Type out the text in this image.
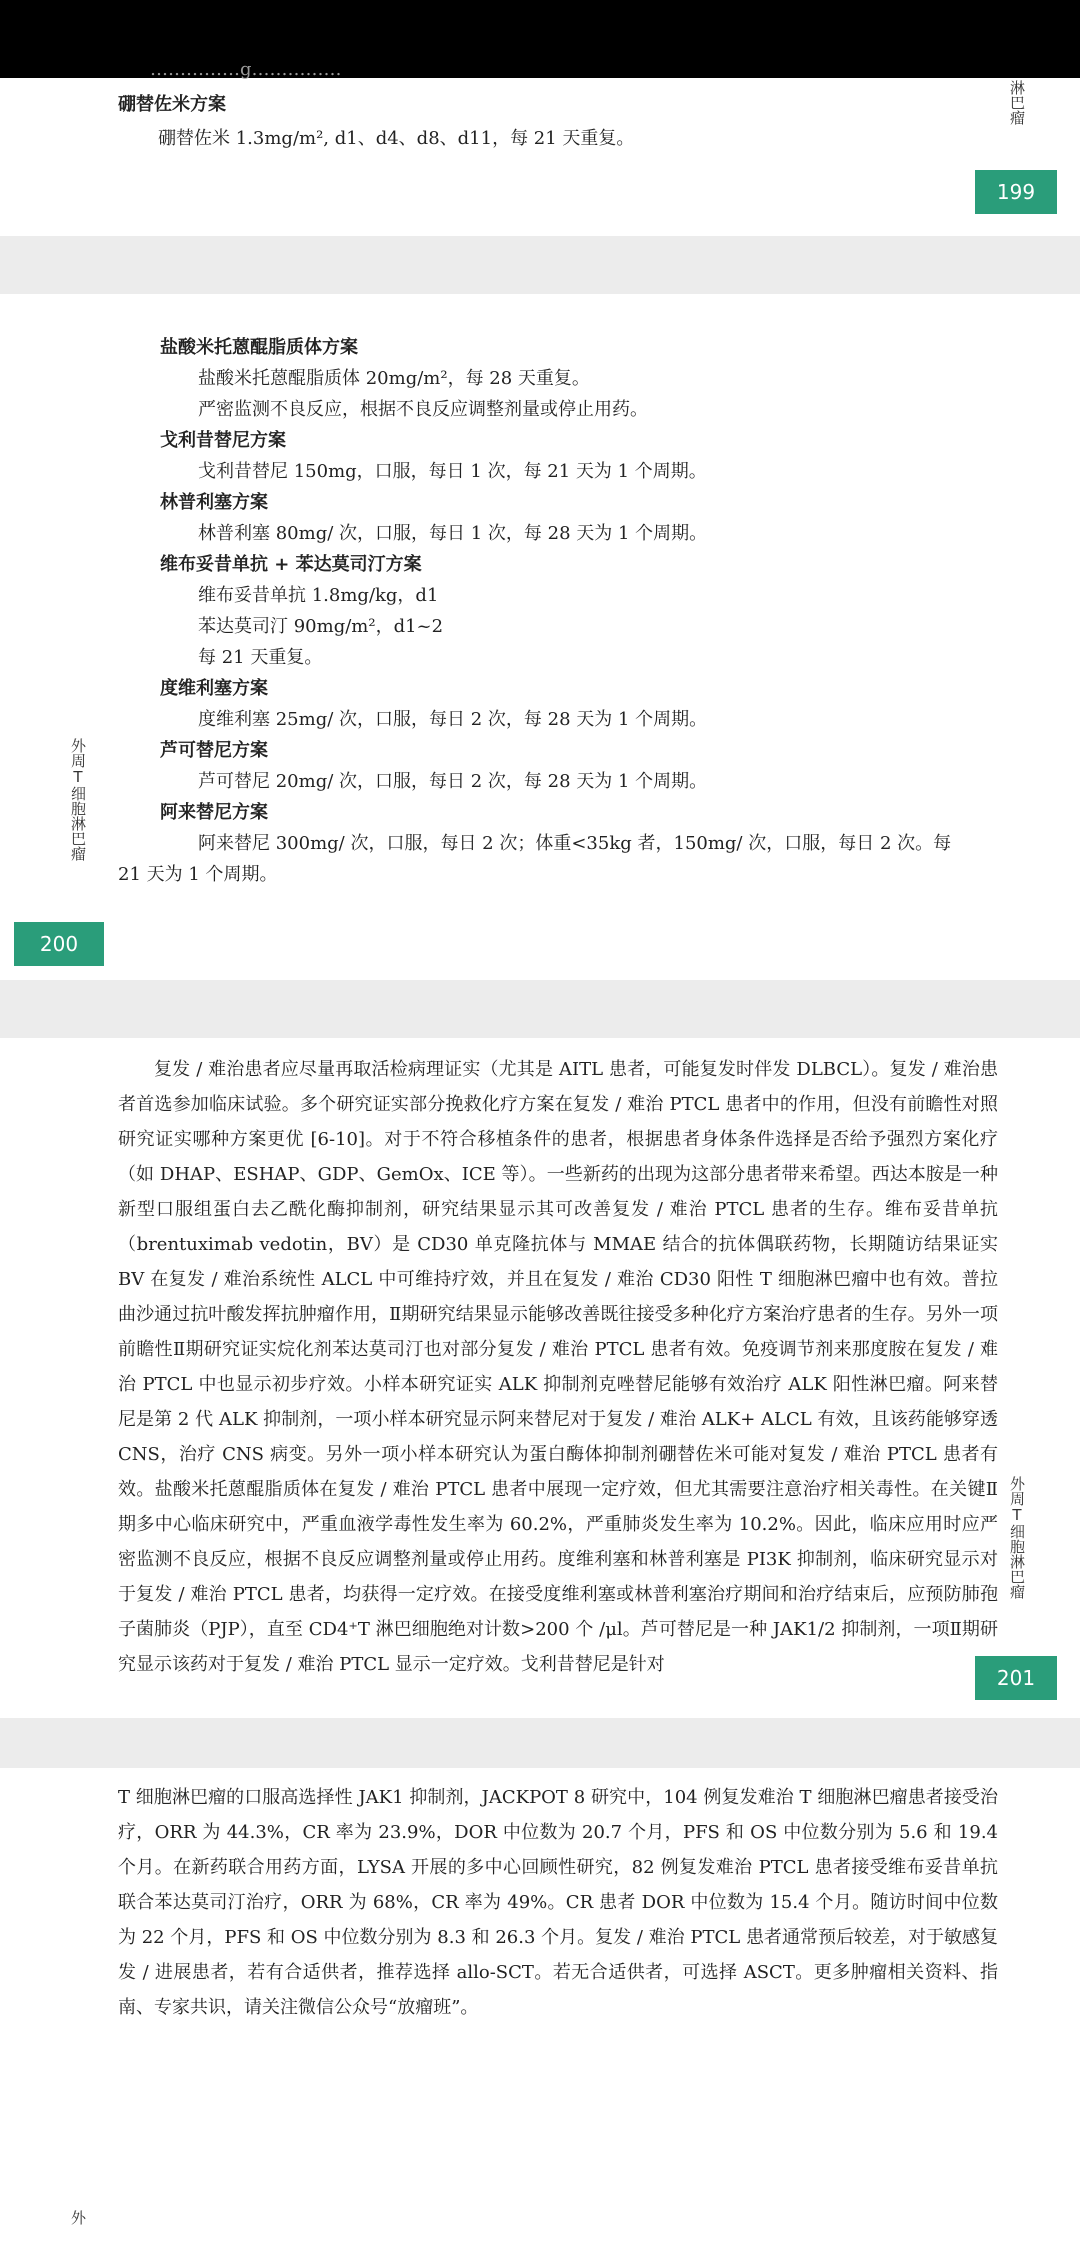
……………g……………
硼替佐米方案
硼替佐米 1.3mg/m², d1、d4、d8、d11，每 21 天重复。
淋巴瘤
199
盐酸米托蒽醌脂质体方案
盐酸米托蒽醌脂质体 20mg/m²，每 28 天重复。
严密监测不良反应，根据不良反应调整剂量或停止用药。
戈利昔替尼方案
戈利昔替尼 150mg，口服，每日 1 次，每 21 天为 1 个周期。
林普利塞方案
林普利塞 80mg/ 次，口服，每日 1 次，每 28 天为 1 个周期。
维布妥昔单抗 + 苯达莫司汀方案
维布妥昔单抗 1.8mg/kg，d1
苯达莫司汀 90mg/m²，d1~2
每 21 天重复。
度维利塞方案
度维利塞 25mg/ 次，口服，每日 2 次，每 28 天为 1 个周期。
芦可替尼方案
芦可替尼 20mg/ 次，口服，每日 2 次，每 28 天为 1 个周期。
阿来替尼方案
阿来替尼 300mg/ 次，口服，每日 2 次；体重<35kg 者，150mg/ 次，口服，每日 2 次。每
21 天为 1 个周期。
外周T细胞淋巴瘤
200

复发 / 难治患者应尽量再取活检病理证实（尤其是 AITL 患者，可能复发时伴发 DLBCL）。复发 / 难治患者首选参加临床试验。多个研究证实部分挽救化疗方案在复发 / 难治 PTCL 患者中的作用，但没有前瞻性对照研究证实哪种方案更优 [6-10]。对于不符合移植条件的患者，根据患者身体条件选择是否给予强烈方案化疗（如 DHAP、ESHAP、GDP、GemOx、ICE 等）。一些新药的出现为这部分患者带来希望。西达本胺是一种新型口服组蛋白去乙酰化酶抑制剂，研究结果显示其可改善复发 / 难治 PTCL 患者的生存。维布妥昔单抗（brentuximab vedotin，BV）是 CD30 单克隆抗体与 MMAE 结合的抗体偶联药物，长期随访结果证实 BV 在复发 / 难治系统性 ALCL 中可维持疗效，并且在复发 / 难治 CD30 阳性 T 细胞淋巴瘤中也有效。普拉曲沙通过抗叶酸发挥抗肿瘤作用，Ⅱ期研究结果显示能够改善既往接受多种化疗方案治疗患者的生存。另外一项前瞻性Ⅱ期研究证实烷化剂苯达莫司汀也对部分复发 / 难治 PTCL 患者有效。免疫调节剂来那度胺在复发 / 难治 PTCL 中也显示初步疗效。小样本研究证实 ALK 抑制剂克唑替尼能够有效治疗 ALK 阳性淋巴瘤。阿来替尼是第 2 代 ALK 抑制剂，一项小样本研究显示阿来替尼对于复发 / 难治 ALK+ ALCL 有效，且该药能够穿透 CNS，治疗 CNS 病变。另外一项小样本研究认为蛋白酶体抑制剂硼替佐米可能对复发 / 难治 PTCL 患者有效。盐酸米托蒽醌脂质体在复发 / 难治 PTCL 患者中展现一定疗效，但尤其需要注意治疗相关毒性。在关键Ⅱ期多中心临床研究中，严重血液学毒性发生率为 60.2%，严重肺炎发生率为 10.2%。因此，临床应用时应严密监测不良反应，根据不良反应调整剂量或停止用药。度维利塞和林普利塞是 PI3K 抑制剂，临床研究显示对于复发 / 难治 PTCL 患者，均获得一定疗效。在接受度维利塞或林普利塞治疗期间和治疗结束后，应预防肺孢子菌肺炎（PJP），直至 CD4⁺T 淋巴细胞绝对计数>200 个 /μl。芦可替尼是一种 JAK1/2 抑制剂，一项Ⅱ期研究显示该药对于复发 / 难治 PTCL 显示一定疗效。戈利昔替尼是针对

外周T细胞淋巴瘤
201

T 细胞淋巴瘤的口服高选择性 JAK1 抑制剂，JACKPOT 8 研究中，104 例复发难治 T 细胞淋巴瘤患者接受治疗，ORR 为 44.3%，CR 率为 23.9%，DOR 中位数为 20.7 个月，PFS 和 OS 中位数分别为 5.6 和 19.4 个月。在新药联合用药方面，LYSA 开展的多中心回顾性研究，82 例复发难治 PTCL 患者接受维布妥昔单抗联合苯达莫司汀治疗，ORR 为 68%，CR 率为 49%。CR 患者 DOR 中位数为 15.4 个月。随访时间中位数为 22 个月，PFS 和 OS 中位数分别为 8.3 和 26.3 个月。复发 / 难治 PTCL 患者通常预后较差，对于敏感复发 / 进展患者，若有合适供者，推荐选择 allo-SCT。若无合适供者，可选择 ASCT。更多肿瘤相关资料、指南、专家共识，请关注微信公众号“放瘤班”。

外
